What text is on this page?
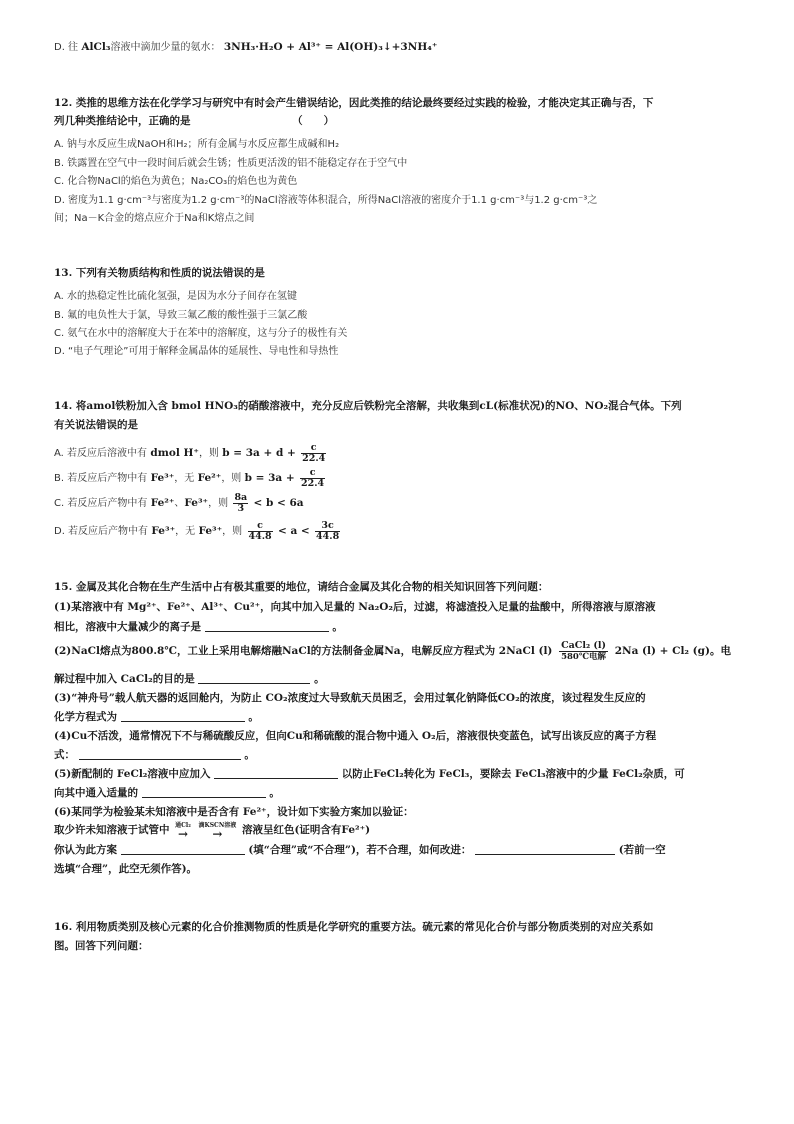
D. 往 AlCl₃溶液中滴加少量的氨水： 3NH₃·H₂O + Al³⁺ = Al(OH)₃↓+3NH₄⁺
12. 类推的思维方法在化学学习与研究中有时会产生错误结论，因此类推的结论最终要经过实践的检验，才能决定其正确与否，下
列几种类推结论中，正确的是	（　　）
A. 钠与水反应生成NaOH和H₂；所有金属与水反应都生成碱和H₂
B. 铁露置在空气中一段时间后就会生锈；性质更活泼的铝不能稳定存在于空气中
C. 化合物NaCl的焰色为黄色；Na₂CO₃的焰色也为黄色
D. 密度为1.1 g·cm⁻³与密度为1.2 g·cm⁻³的NaCl溶液等体积混合，所得NaCl溶液的密度介于1.1 g·cm⁻³与1.2 g·cm⁻³之
间；Na－K合金的熔点应介于Na和K熔点之间
13. 下列有关物质结构和性质的说法错误的是
A. 水的热稳定性比硫化氢强，是因为水分子间存在氢键
B. 氟的电负性大于氯，导致三氟乙酸的酸性强于三氯乙酸
C. 氨气在水中的溶解度大于在苯中的溶解度，这与分子的极性有关
D. “电子气理论”可用于解释金属晶体的延展性、导电性和导热性
14. 将amol铁粉加入含 bmol HNO₃的硝酸溶液中，充分反应后铁粉完全溶解，共收集到cL(标准状况)的NO、NO₂混合气体。下列
有关说法错误的是
A. 若反应后溶液中有 dmol H⁺，则 $b = 3a + d + \frac{c}{22.4}$
B. 若反应后产物中有 Fe³⁺，无 Fe²⁺，则 $b = 3a + \frac{c}{22.4}$
C. 若反应后产物中有 Fe²⁺、Fe³⁺，则 $\frac{8a}{3} < b < 6a$
D. 若反应后产物中有 Fe³⁺，无 Fe³⁺，则 $\frac{c}{44.8} < a < \frac{3c}{44.8}$
15. 金属及其化合物在生产生活中占有极其重要的地位，请结合金属及其化合物的相关知识回答下列问题：
(1)某溶液中有 Mg²⁺、Fe²⁺、Al³⁺、Cu²⁺，向其中加入足量的 Na₂O₂后，过滤，将滤渣投入足量的盐酸中，所得溶液与原溶液
相比，溶液中大量减少的离子是	。
(2)NaCl熔点为800.8℃，工业上采用电解熔融NaCl的方法制备金属Na，电解反应方程式为 2NaCl (l) CaCl₂ (l)
580℃电解 2Na (l) + Cl₂ (g)。电
解过程中加入 CaCl₂的目的是	。
(3)“神舟号”载人航天器的返回舱内，为防止 CO₂浓度过大导致航天员困乏，会用过氧化钠降低CO₂的浓度，该过程发生反应的
化学方程式为	。
(4)Cu不活泼，通常情况下不与稀硫酸反应，但向Cu和稀硫酸的混合物中通入 O₂后，溶液很快变蓝色，试写出该反应的离子方程
式：	。
(5)新配制的 FeCl₂溶液中应加入	以防止FeCl₂转化为 FeCl₃，要除去 FeCl₃溶液中的少量 FeCl₂杂质，可
向其中通入适量的	。
(6)某同学为检验某未知溶液中是否含有 Fe²⁺，设计如下实验方案加以验证：
取少许未知溶液于试管中 通Cl₂
→

滴KSCN溶液
→	溶液呈红色(证明含有Fe²⁺)
你认为此方案	(填“合理”或“不合理”)，若不合理，如何改进：	(若前一空
选填“合理”，此空无须作答)。
16. 利用物质类别及核心元素的化合价推测物质的性质是化学研究的重要方法。硫元素的常见化合价与部分物质类别的对应关系如
图。回答下列问题：
